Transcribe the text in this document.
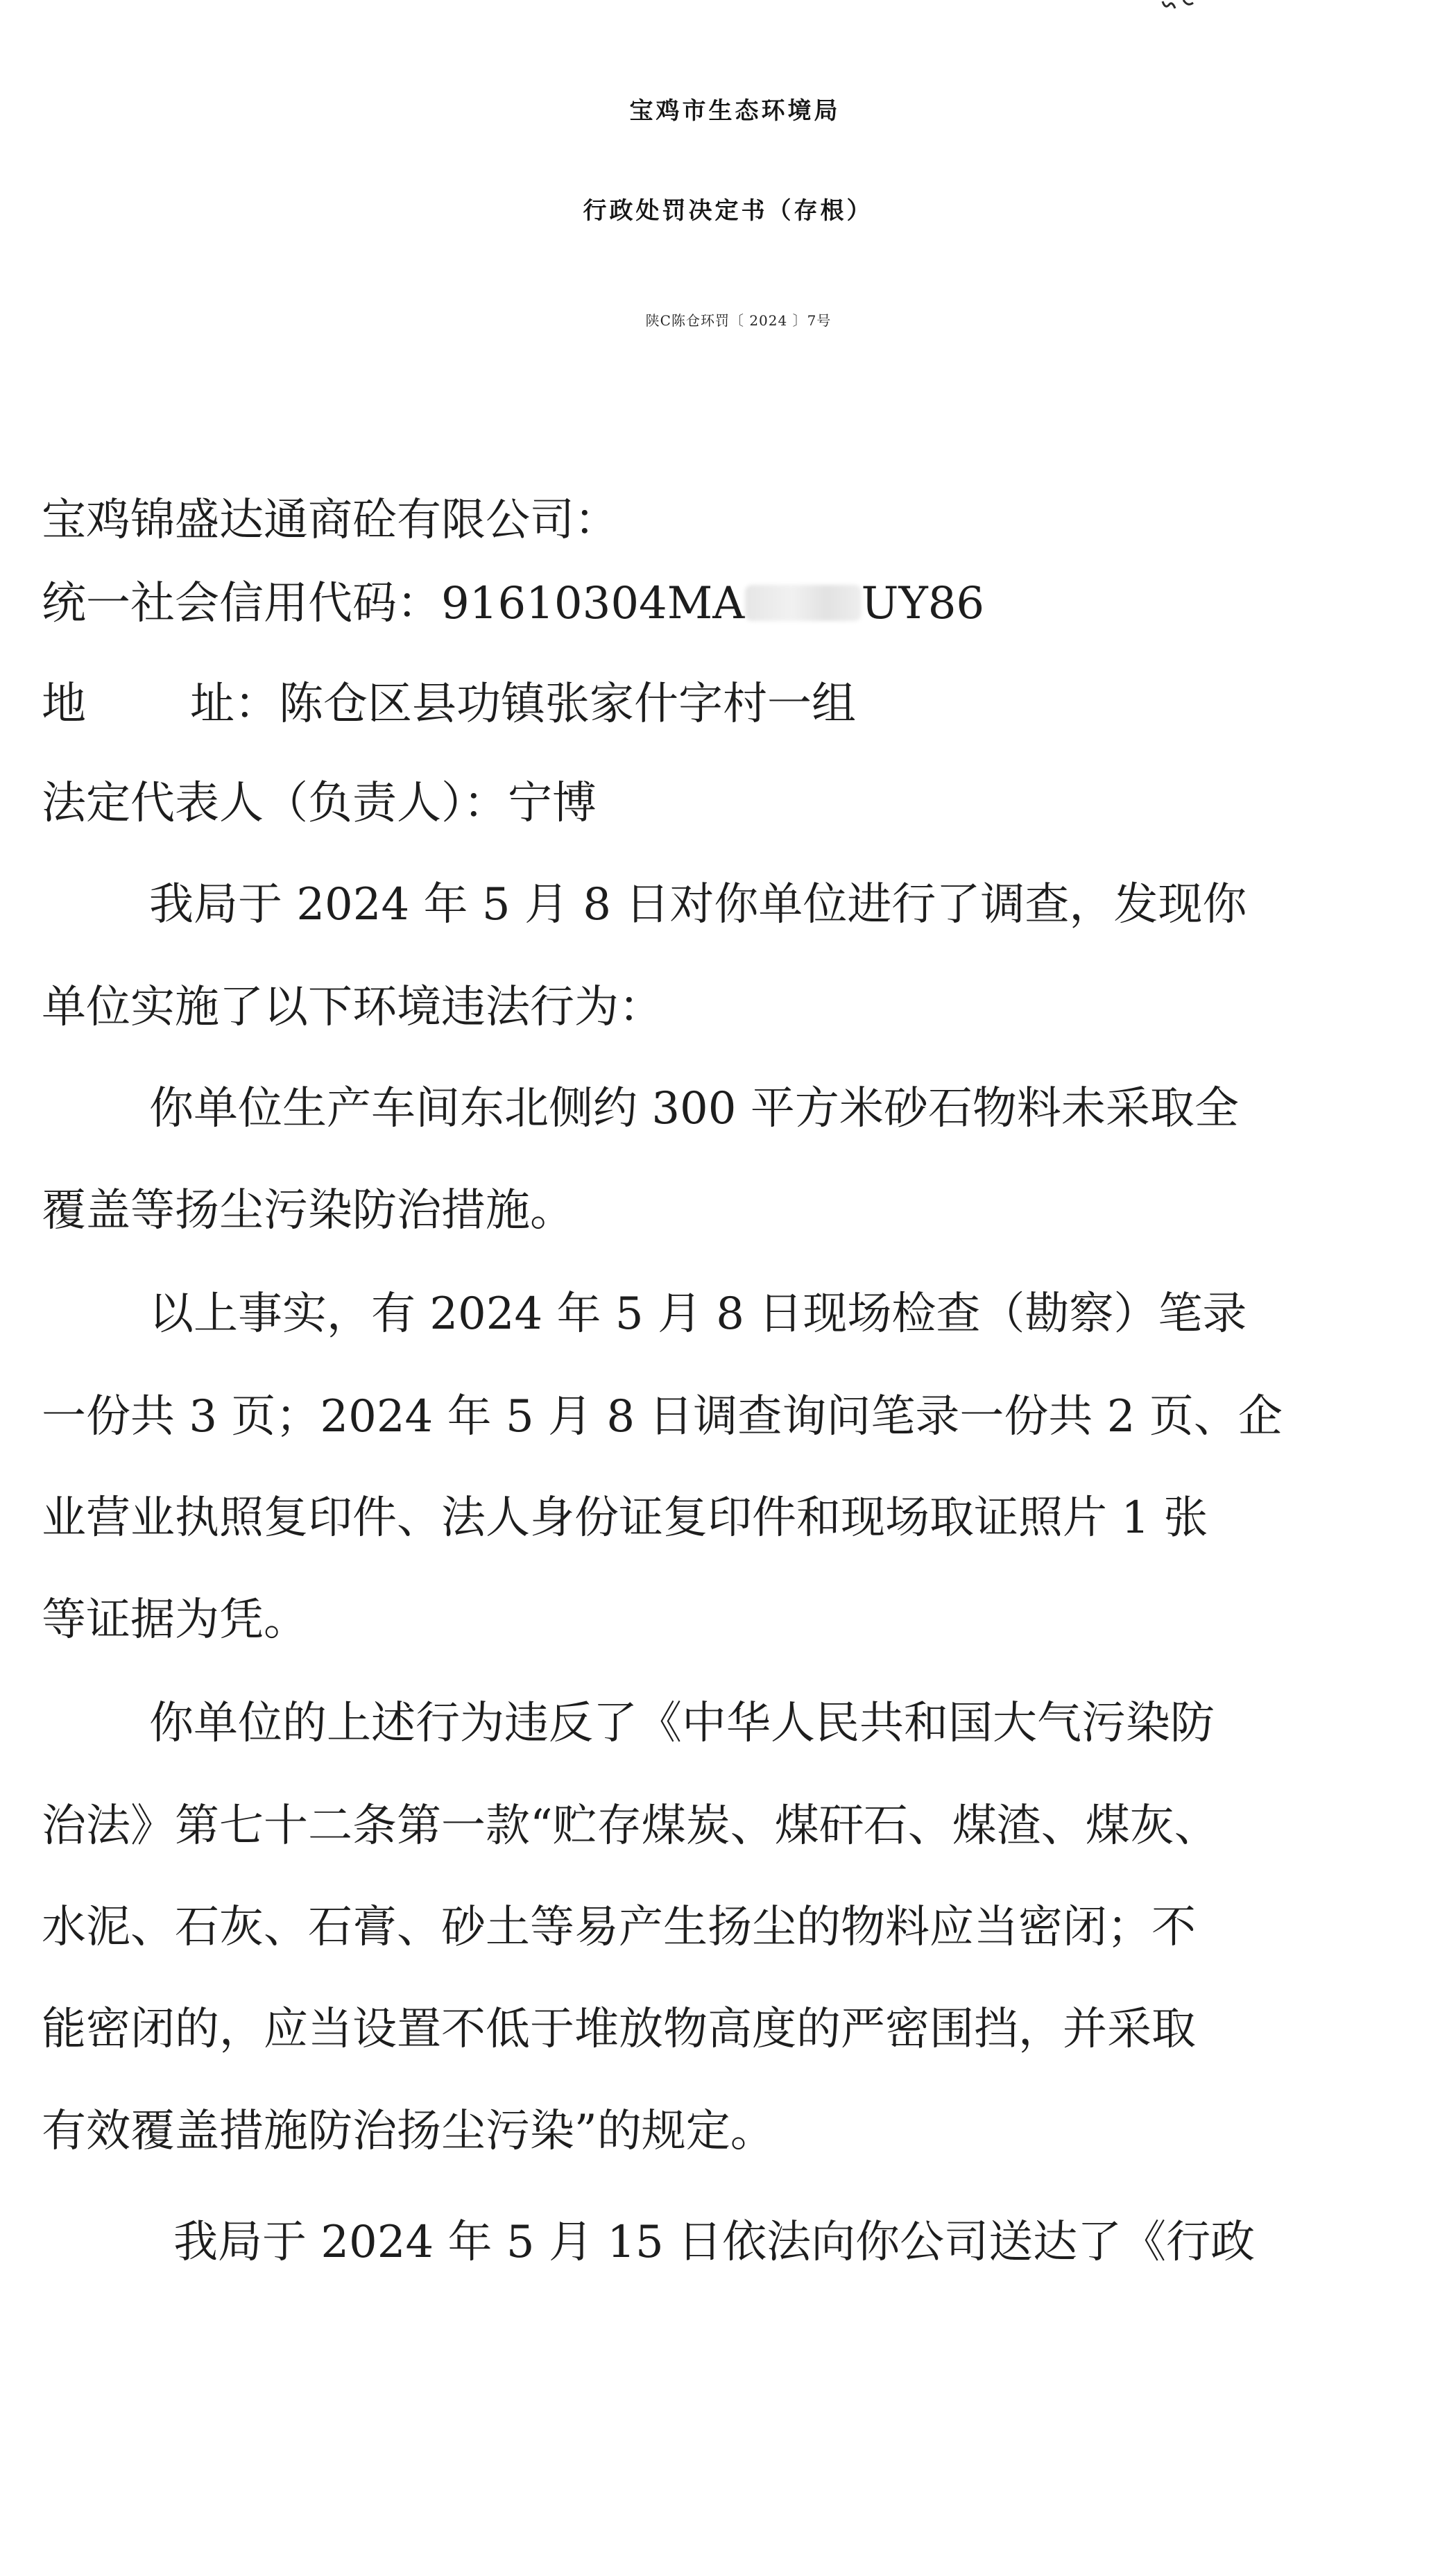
宝鸡市生态环境局
行政处罚决定书（存根）
陕C陈仓环罚〔 2024 〕7号
宝鸡锦盛达通商砼有限公司：
统一社会信用代码：91610304MA	UY86
地 址：陈仓区县功镇张家什字村一组
法定代表人（负责人）：宁博
我局于 2024 年 5 月 8 日对你单位进行了调查，发现你
单位实施了以下环境违法行为：
你单位生产车间东北侧约 300 平方米砂石物料未采取全
覆盖等扬尘污染防治措施。
以上事实，有 2024 年 5 月 8 日现场检查（勘察）笔录
一份共 3 页；2024 年 5 月 8 日调查询问笔录一份共 2 页、企
业营业执照复印件、法人身份证复印件和现场取证照片 1 张
等证据为凭。
你单位的上述行为违反了《中华人民共和国大气污染防
治法》第七十二条第一款“贮存煤炭、煤矸石、煤渣、煤灰、
水泥、石灰、石膏、砂土等易产生扬尘的物料应当密闭；不
能密闭的，应当设置不低于堆放物高度的严密围挡，并采取
有效覆盖措施防治扬尘污染”的规定。
我局于 2024 年 5 月 15 日依法向你公司送达了《行政
